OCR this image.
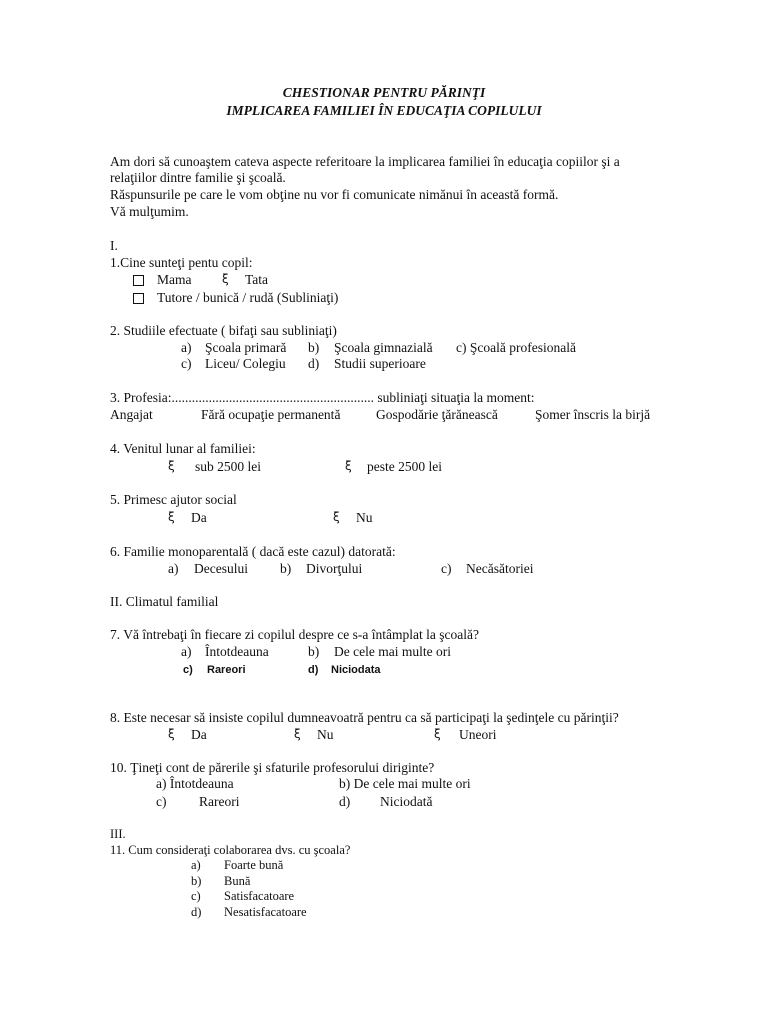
CHESTIONAR PENTRU PĂRINŢI
IMPLICAREA FAMILIEI ÎN EDUCAŢIA COPILULUI
Am dori să cunoaştem cateva aspecte referitoare la implicarea familiei în educaţia copiilor şi a
relaţiilor dintre familie şi şcoală.
Răspunsurile pe care le vom obţine nu vor fi comunicate nimănui în această formă.
Vă mulţumim.
I.
1.Cine sunteţi pentu copil:
Mama	ξ Tata
Tutore / bunică / rudă (Subliniaţi)
2. Studiile efectuate ( bifaţi sau subliniaţi)
a) Şcoala primară b) Şcoala gimnazială c) Şcoală profesională
c) Liceu/ Colegiu d) Studii superioare
3. Profesia:............................................................ subliniaţi situaţia la moment:
Angajat	Fără ocupaţie permanentă	Gospodărie ţărănească	Şomer înscris la birjă
4. Venitul lunar al familiei:
ξ sub 2500 lei	ξ peste 2500 lei
5. Primesc ajutor social
ξ Da	ξ Nu
6. Familie monoparentală ( dacă este cazul) datorată:
a) Decesului b) Divorţului	c) Necăsătoriei
II. Climatul familial
7. Vă întrebaţi în fiecare zi copilul despre ce s-a întâmplat la şcoală?
a) Întotdeauna	b) De cele mai multe ori
c) Rareori	d) Niciodata
8. Este necesar să insiste copilul dumneavoatră pentru ca să participaţi la şedinţele cu părinţii?
ξ Da	ξ Nu	ξ Uneori
10. Ţineţi cont de părerile şi sfaturile profesorului diriginte?
a) Întotdeauna	b) De cele mai multe ori
c) Rareori	d) Niciodată
III.
11. Cum consideraţi colaborarea dvs. cu şcoala?
a) Foarte bună
b) Bună
c) Satisfacatoare
d) Nesatisfacatoare
